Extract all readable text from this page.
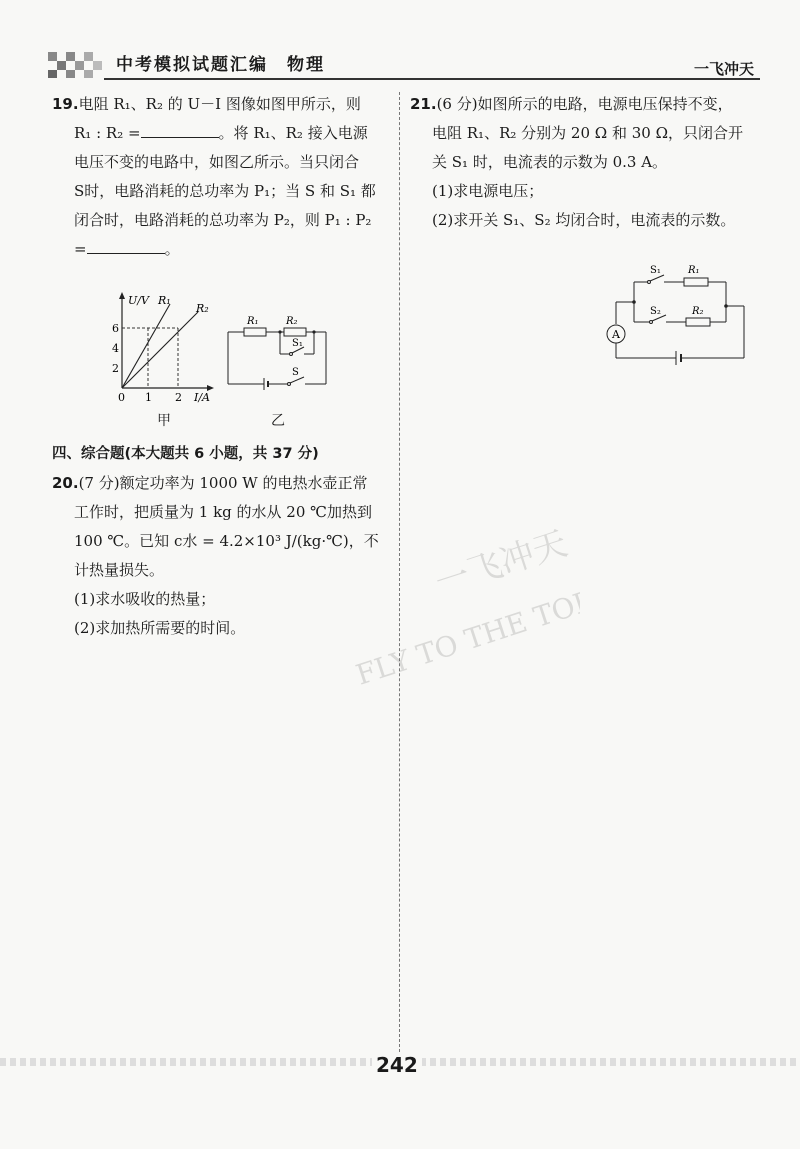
中考模拟试题汇编　物理	一飞冲天
一飞冲天
FLY TO THE TOP

19.电阻 R₁、R₂ 的 U－I 图像如图甲所示，则

R₁ : R₂ =	。将 R₁、R₂ 接入电源

电压不变的电路中，如图乙所示。当只闭合

S时，电路消耗的总功率为 P₁；当 S 和 S₁ 都

闭合时，电路消耗的总功率为 P₂，则 P₁ : P₂

=	。

U/V
I/A
R₁
R₂
6
4
2
0 1 2
甲
R₁	R₂
S₁
S
乙

四、综合题(本大题共 6 小题，共 37 分)

20.(7 分)额定功率为 1000 W 的电热水壶正常

工作时，把质量为 1 kg 的水从 20 ℃加热到

100 ℃。已知 c水 = 4.2×10³ J/(kg·℃)，不

计热量损失。

(1)求水吸收的热量；

(2)求加热所需要的时间。

21.(6 分)如图所示的电路，电源电压保持不变，

电阻 R₁、R₂ 分别为 20 Ω 和 30 Ω，只闭合开

关 S₁ 时，电流表的示数为 0.3 A。

(1)求电源电压；

(2)求开关 S₁、S₂ 均闭合时，电流表的示数。

S₁	R₁
S₂	R₂
A
242
